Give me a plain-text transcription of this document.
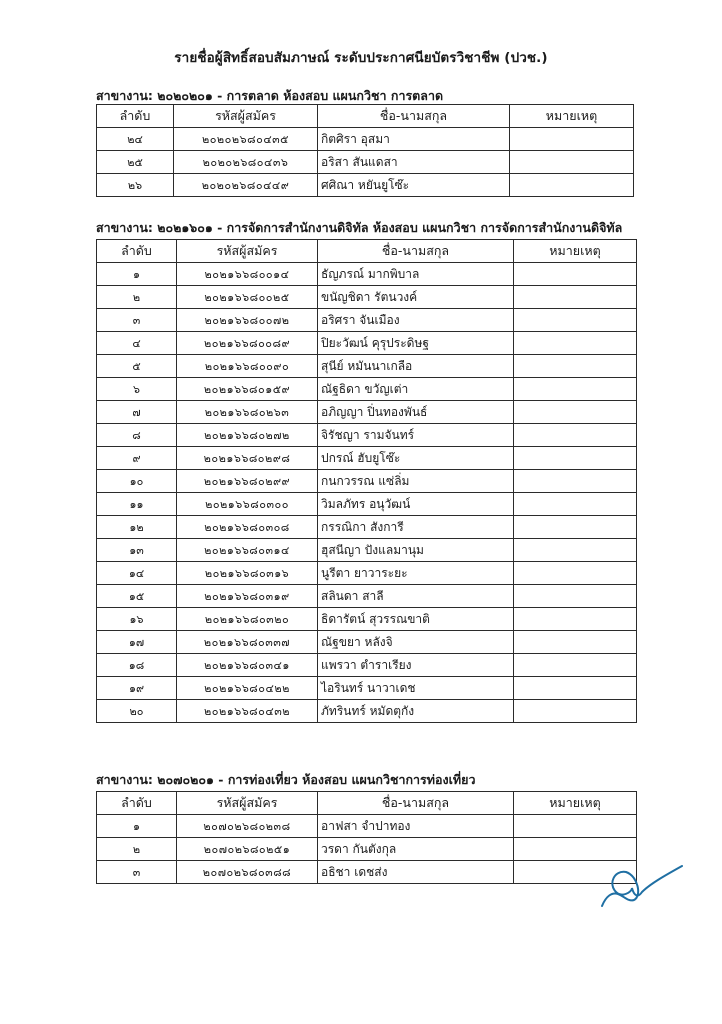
รายชื่อผู้สิทธิ์สอบสัมภาษณ์ ระดับประกาศนียบัตรวิชาชีพ (ปวช.)
สาขางาน: ๒๐๒๐๒๐๑ - การตลาด ห้องสอบ แผนกวิชา การตลาด
ลำดับ	รหัสผู้สมัคร	ชื่อ-นามสกุล	หมายเหตุ
๒๔	๒๐๒๐๒๖๘๐๔๓๕	กิตศิรา อุสมา	
๒๕	๒๐๒๐๒๖๘๐๔๓๖	อริสา สันแดสา	
๒๖	๒๐๒๐๒๖๘๐๔๔๙	ศศิณา หยันยูโซ๊ะ	
สาขางาน: ๒๐๒๑๖๐๑ - การจัดการสำนักงานดิจิทัล ห้องสอบ แผนกวิชา การจัดการสำนักงานดิจิทัล
ลำดับ	รหัสผู้สมัคร	ชื่อ-นามสกุล	หมายเหตุ
๑	๒๐๒๑๖๖๘๐๐๑๔	ธัญภรณ์ มากพิบาล	
๒	๒๐๒๑๖๖๘๐๐๒๕	ขนัญชิดา รัตนวงค์	
๓	๒๐๒๑๖๖๘๐๐๗๒	อริศรา จันเมือง	
๔	๒๐๒๑๖๖๘๐๐๘๙	ปิยะวัฒน์ คุรุประดิษฐ	
๕	๒๐๒๑๖๖๘๐๐๙๐	สุนีย์ หมันนาเกลือ	
๖	๒๐๒๑๖๖๘๐๑๕๙	ณัฐธิดา ขวัญเต่า	
๗	๒๐๒๑๖๖๘๐๒๖๓	อภิญญา ปิ่นทองพันธ์	
๘	๒๐๒๑๖๖๘๐๒๗๒	จิรัชญา รามจันทร์	
๙	๒๐๒๑๖๖๘๐๒๙๘	ปกรณ์ ฮับยูโซ๊ะ	
๑๐	๒๐๒๑๖๖๘๐๒๙๙	กนกวรรณ แซ่ลิ่ม	
๑๑	๒๐๒๑๖๖๘๐๓๐๐	วิมลภัทร อนุวัฒน์	
๑๒	๒๐๒๑๖๖๘๐๓๐๘	กรรณิกา สังการี	
๑๓	๒๐๒๑๖๖๘๐๓๑๔	ฮุสนีญา ปังแลมานุม	
๑๔	๒๐๒๑๖๖๘๐๓๑๖	นูรีตา ยาวาระยะ	
๑๕	๒๐๒๑๖๖๘๐๓๑๙	สลินดา สาลี	
๑๖	๒๐๒๑๖๖๘๐๓๒๐	ธิดารัตน์ สุวรรณขาติ	
๑๗	๒๐๒๑๖๖๘๐๓๓๗	ณัฐขยา หลังจิ	
๑๘	๒๐๒๑๖๖๘๐๓๔๑	แพรวา ตำราเรียง	
๑๙	๒๐๒๑๖๖๘๐๔๒๒	ไอรินทร์ นาวาเดช	
๒๐	๒๐๒๑๖๖๘๐๔๓๒	ภัทรินทร์ หมัดตุกัง	
สาขางาน: ๒๐๗๐๒๐๑ - การท่องเที่ยว ห้องสอบ แผนกวิชาการท่องเที่ยว
ลำดับ	รหัสผู้สมัคร	ชื่อ-นามสกุล	หมายเหตุ
๑	๒๐๗๐๒๖๘๐๒๓๘	อาฟสา จำปาทอง	
๒	๒๐๗๐๒๖๘๐๒๕๑	วรดา กันตังกุล	
๓	๒๐๗๐๒๖๘๐๓๘๘	อธิชา เดชส่ง	
